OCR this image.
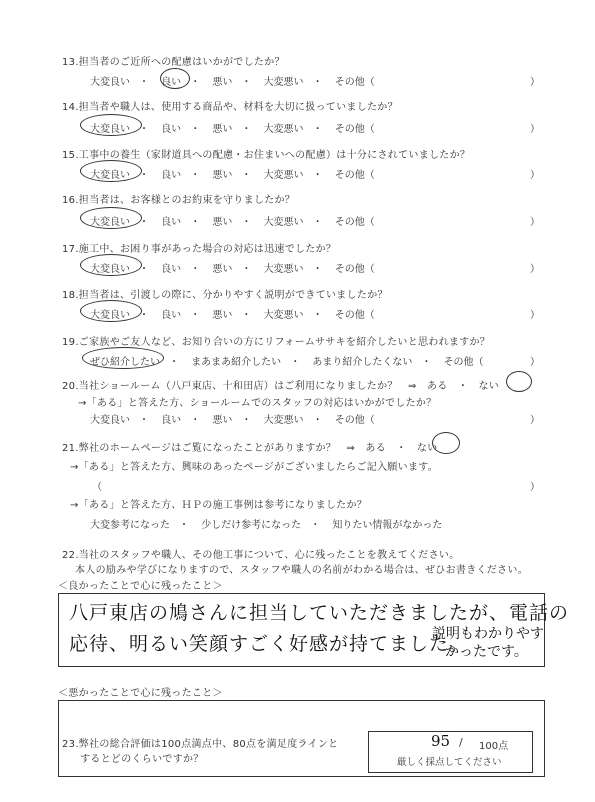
13.担当者のご近所への配慮はいかがでしたか？
大変良い ・ 良い ・ 悪い ・ 大変悪い ・ その他（	）
14.担当者や職人は、使用する商品や、材料を大切に扱っていましたか？
大変良い ・ 良い ・ 悪い ・ 大変悪い ・ その他（	）
15.工事中の養生（家財道具への配慮・お住まいへの配慮）は十分にされていましたか？
大変良い ・ 良い ・ 悪い ・ 大変悪い ・ その他（	）
16.担当者は、お客様とのお約束を守りましたか？
大変良い ・ 良い ・ 悪い ・ 大変悪い ・ その他（	）
17.施工中、お困り事があった場合の対応は迅速でしたか？
大変良い ・ 良い ・ 悪い ・ 大変悪い ・ その他（	）
18.担当者は、引渡しの際に、分かりやすく説明ができていましたか？
大変良い ・ 良い ・ 悪い ・ 大変悪い ・ その他（	）
19.ご家族やご友人など、お知り合いの方にリフォームササキを紹介したいと思われますか？
ぜひ紹介したい ・ まあまあ紹介したい ・ あまり紹介したくない ・ その他（	）
20.当社ショールーム（八戸東店、十和田店）はご利用になりましたか？　⇒　ある　・　ない
→「ある」と答えた方、ショールームでのスタッフの対応はいかがでしたか？
大変良い ・ 良い ・ 悪い ・ 大変悪い ・ その他（	）
21.弊社のホームページはご覧になったことがありますか？　⇒　ある　・　ない
→「ある」と答えた方、興味のあったページがございましたらご記入願います。
（	）
→「ある」と答えた方、ＨＰの施工事例は参考になりましたか？
大変参考になった ・ 少しだけ参考になった ・ 知りたい情報がなかった
22.当社のスタッフや職人、その他工事について、心に残ったことを教えてください。
本人の励みや学びになりますので、スタッフや職人の名前がわかる場合は、ぜひお書きください。
＜良かったことで心に残ったこと＞
八戸東店の鳩さんに担当していただきましたが、電話の
応待、明るい笑顔すごく好感が持てました。
説明もわかりやす
かったです。
＜悪かったことで心に残ったこと＞
23.弊社の総合評価は100点満点中、80点を満足度ラインと
するとどのくらいですか？
95 / 100点
厳しく採点してください
